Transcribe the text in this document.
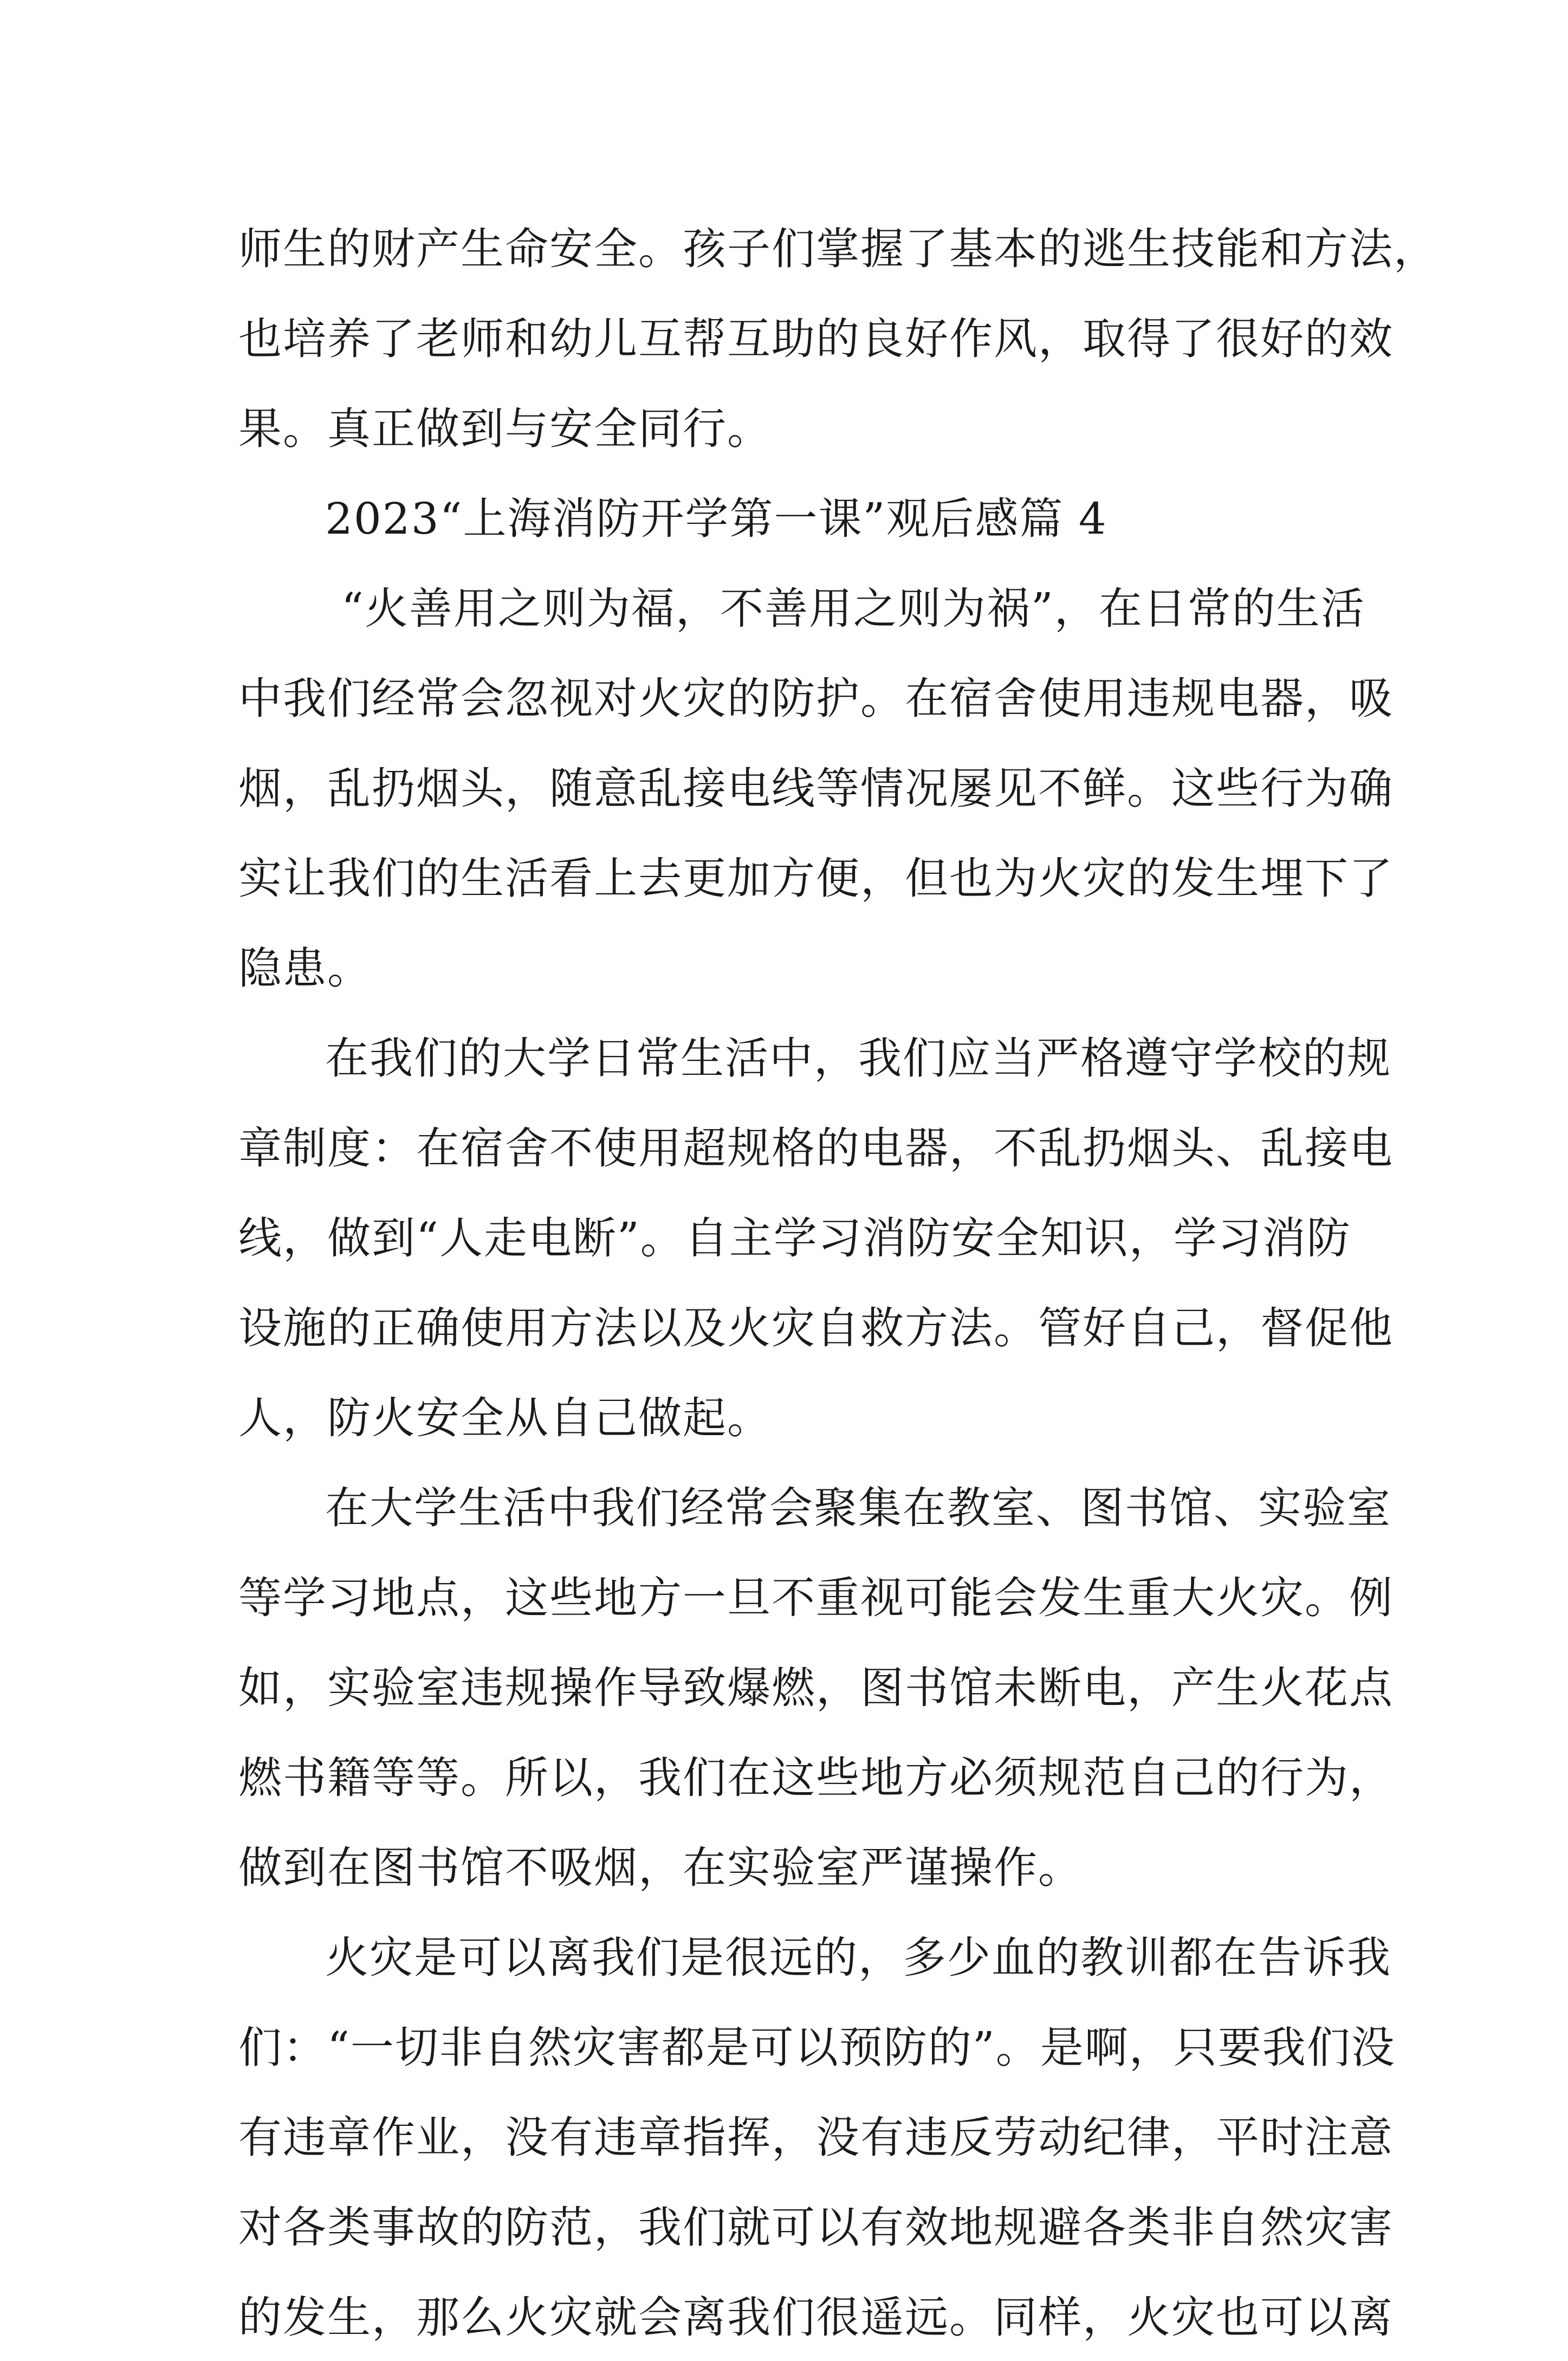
师生的财产生命安全。孩子们掌握了基本的逃生技能和方法，
也培养了老师和幼儿互帮互助的良好作风，取得了很好的效
果。真正做到与安全同行。
2023“上海消防开学第一课”观后感篇 4
“火善用之则为福，不善用之则为祸”，在日常的生活
中我们经常会忽视对火灾的防护。在宿舍使用违规电器，吸
烟，乱扔烟头，随意乱接电线等情况屡见不鲜。这些行为确
实让我们的生活看上去更加方便，但也为火灾的发生埋下了
隐患。
在我们的大学日常生活中，我们应当严格遵守学校的规
章制度：在宿舍不使用超规格的电器，不乱扔烟头、乱接电
线，做到“人走电断”。自主学习消防安全知识，学习消防
设施的正确使用方法以及火灾自救方法。管好自己，督促他
人，防火安全从自己做起。
在大学生活中我们经常会聚集在教室、图书馆、实验室
等学习地点，这些地方一旦不重视可能会发生重大火灾。例
如，实验室违规操作导致爆燃，图书馆未断电，产生火花点
燃书籍等等。所以，我们在这些地方必须规范自己的行为，
做到在图书馆不吸烟，在实验室严谨操作。
火灾是可以离我们是很远的，多少血的教训都在告诉我
们：“一切非自然灾害都是可以预防的”。是啊，只要我们没
有违章作业，没有违章指挥，没有违反劳动纪律，平时注意
对各类事故的防范，我们就可以有效地规避各类非自然灾害
的发生，那么火灾就会离我们很遥远。同样，火灾也可以离
